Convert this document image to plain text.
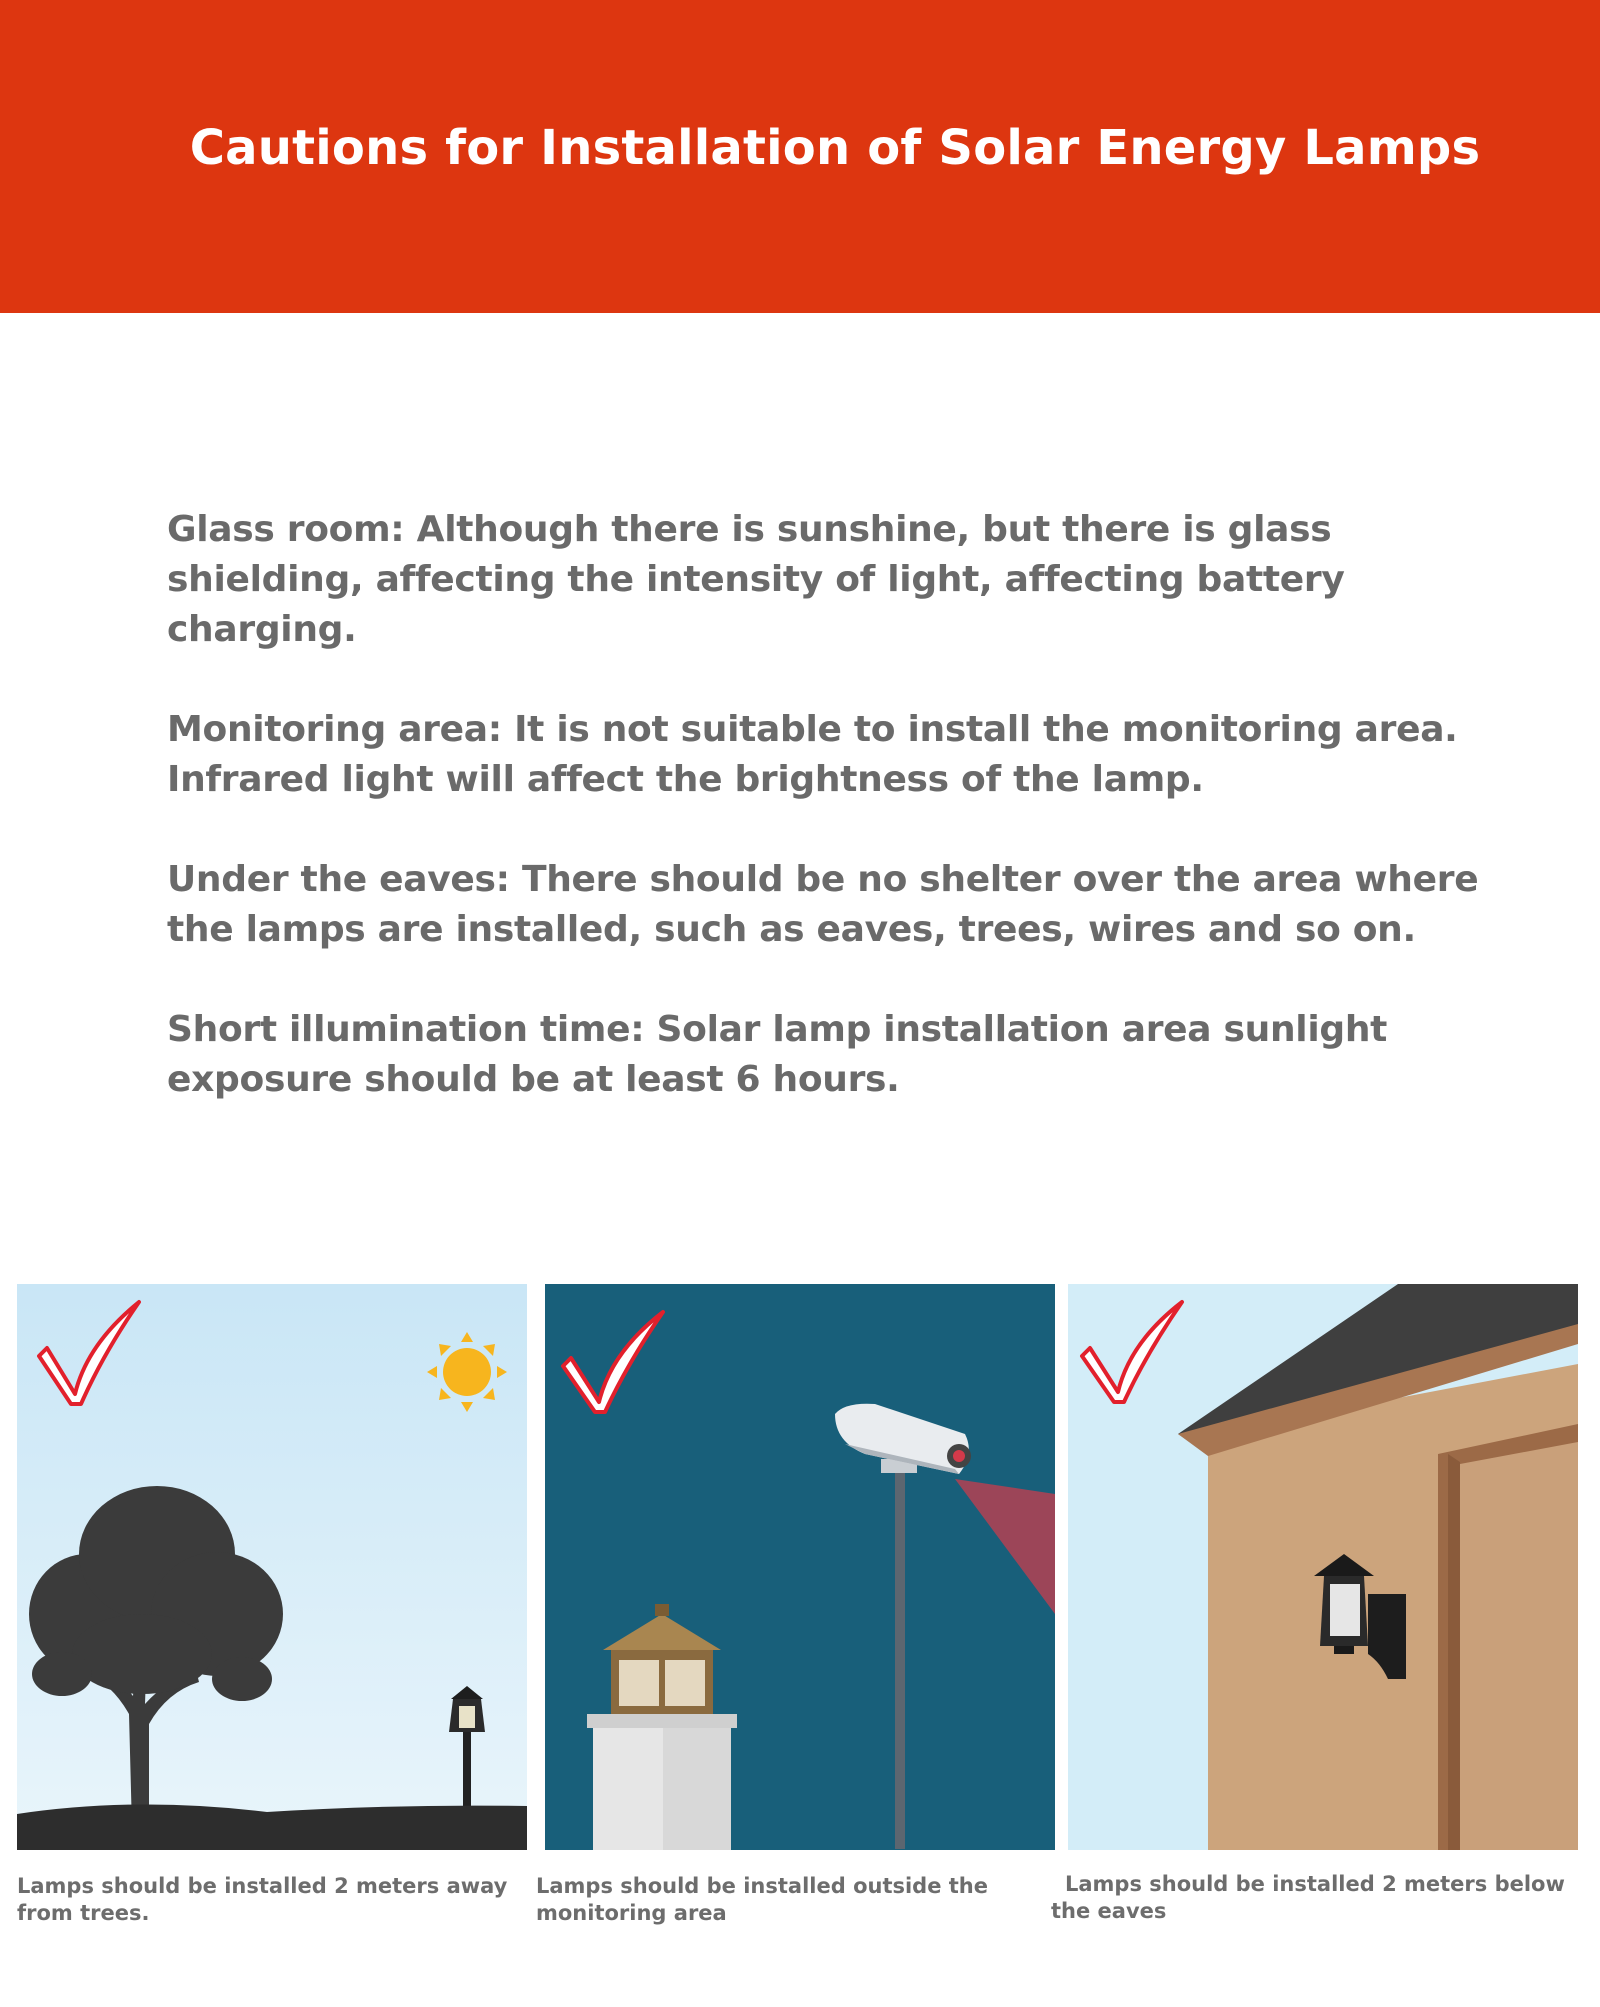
Cautions for Installation of Solar Energy Lamps

Glass room: Although there is sunshine, but there is glass shielding, affecting the intensity of light, affecting battery charging.

Monitoring area: It is not suitable to install the monitoring area. Infrared light will affect the brightness of the lamp.

Under the eaves: There should be no shelter over the area where the lamps are installed, such as eaves, trees, wires and so on.

Short illumination time: Solar lamp installation area sunlight exposure should be at least 6 hours.

Lamps should be installed 2 meters away from trees.
Lamps should be installed outside the monitoring area
Lamps should be installed 2 meters below the eaves
